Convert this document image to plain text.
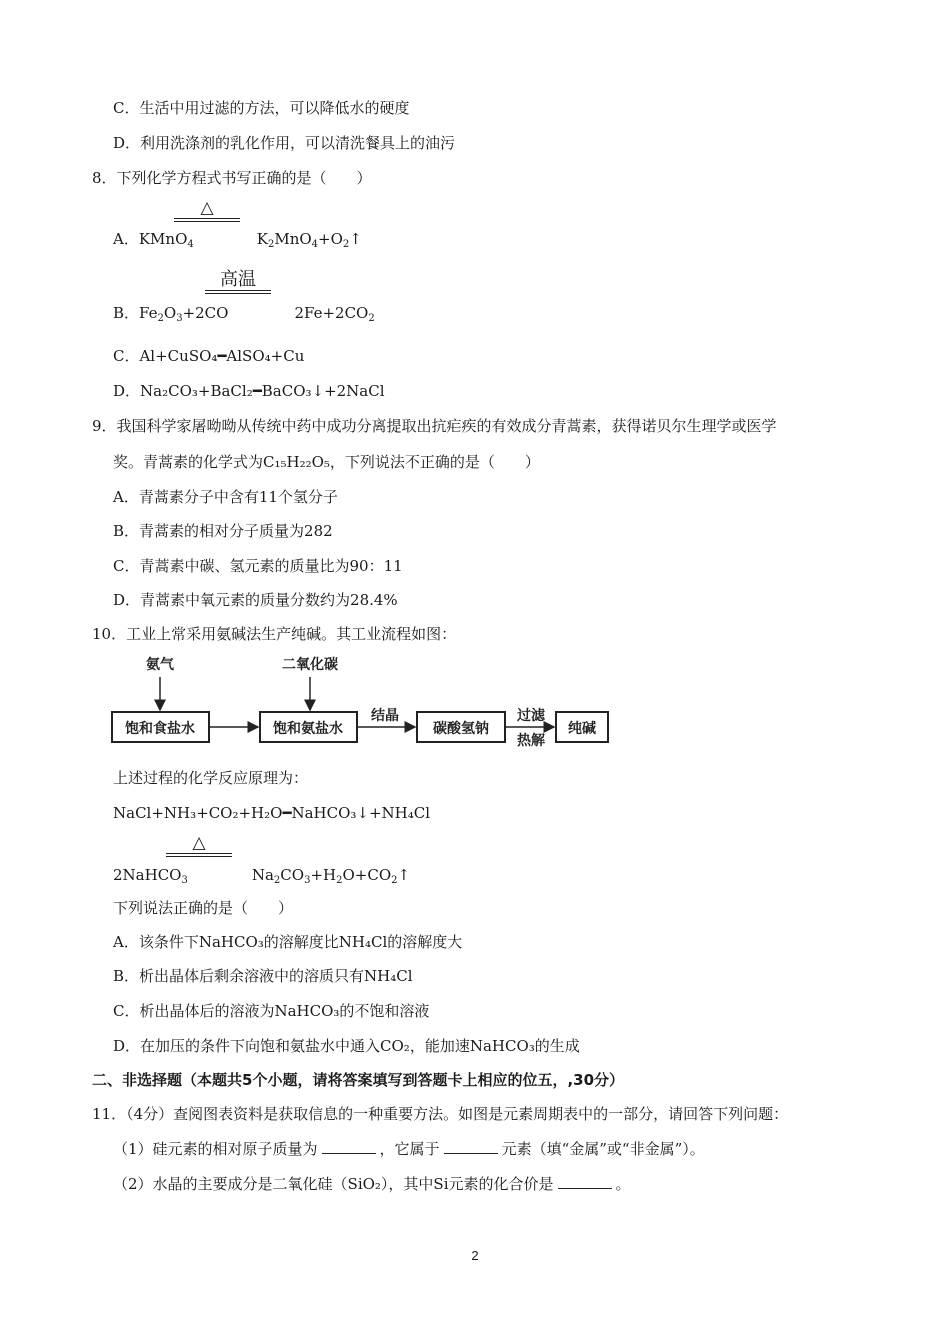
C．生活中用过滤的方法，可以降低水的硬度
D．利用洗涤剂的乳化作用，可以清洗餐具上的油污
8．下列化学方程式书写正确的是（　　）
△
A．KMnO$_4$	$K_2MnO_4+O_2↑$
高温
B．$Fe_2O_3+2CO$	$2Fe+2CO_2$
C．Al+CuSO₄━AlSO₄+Cu
D．Na₂CO₃+BaCl₂━BaCO₃↓+2NaCl
9．我国科学家屠呦呦从传统中药中成功分离提取出抗疟疾的有效成分青蒿素，获得诺贝尔生理学或医学
奖。青蒿素的化学式为C₁₅H₂₂O₅，下列说法不正确的是（　　）
A．青蒿素分子中含有11个氢分子
B．青蒿素的相对分子质量为282
C．青蒿素中碳、氢元素的质量比为90：11
D．青蒿素中氧元素的质量分数约为28.4%
10．工业上常采用氨碱法生产纯碱。其工业流程如图：
氨气	二氧化碳
饱和食盐水	饱和氨盐水
结晶
碳酸氢钠
过滤
热解
纯碱
上述过程的化学反应原理为：
NaCl+NH₃+CO₂+H₂O━NaHCO₃↓+NH₄Cl
△
2NaHCO$_3$	$Na_2CO_3+H_2O+CO_2↑$
下列说法正确的是（　　）
A．该条件下NaHCO₃的溶解度比NH₄Cl的溶解度大
B．析出晶体后剩余溶液中的溶质只有NH₄Cl
C．析出晶体后的溶液为NaHCO₃的不饱和溶液
D．在加压的条件下向饱和氨盐水中通入CO₂，能加速NaHCO₃的生成
二、非选择题（本题共5个小题，请将答案填写到答题卡上相应的位五，,30分）
11．（4分）查阅图表资料是获取信息的一种重要方法。如图是元素周期表中的一部分，请回答下列问题：
（1）硅元素的相对原子质量为	，它属于	元素（填“金属”或“非金属”）。
（2）水晶的主要成分是二氧化硅（SiO₂），其中Si元素的化合价是	。
2
